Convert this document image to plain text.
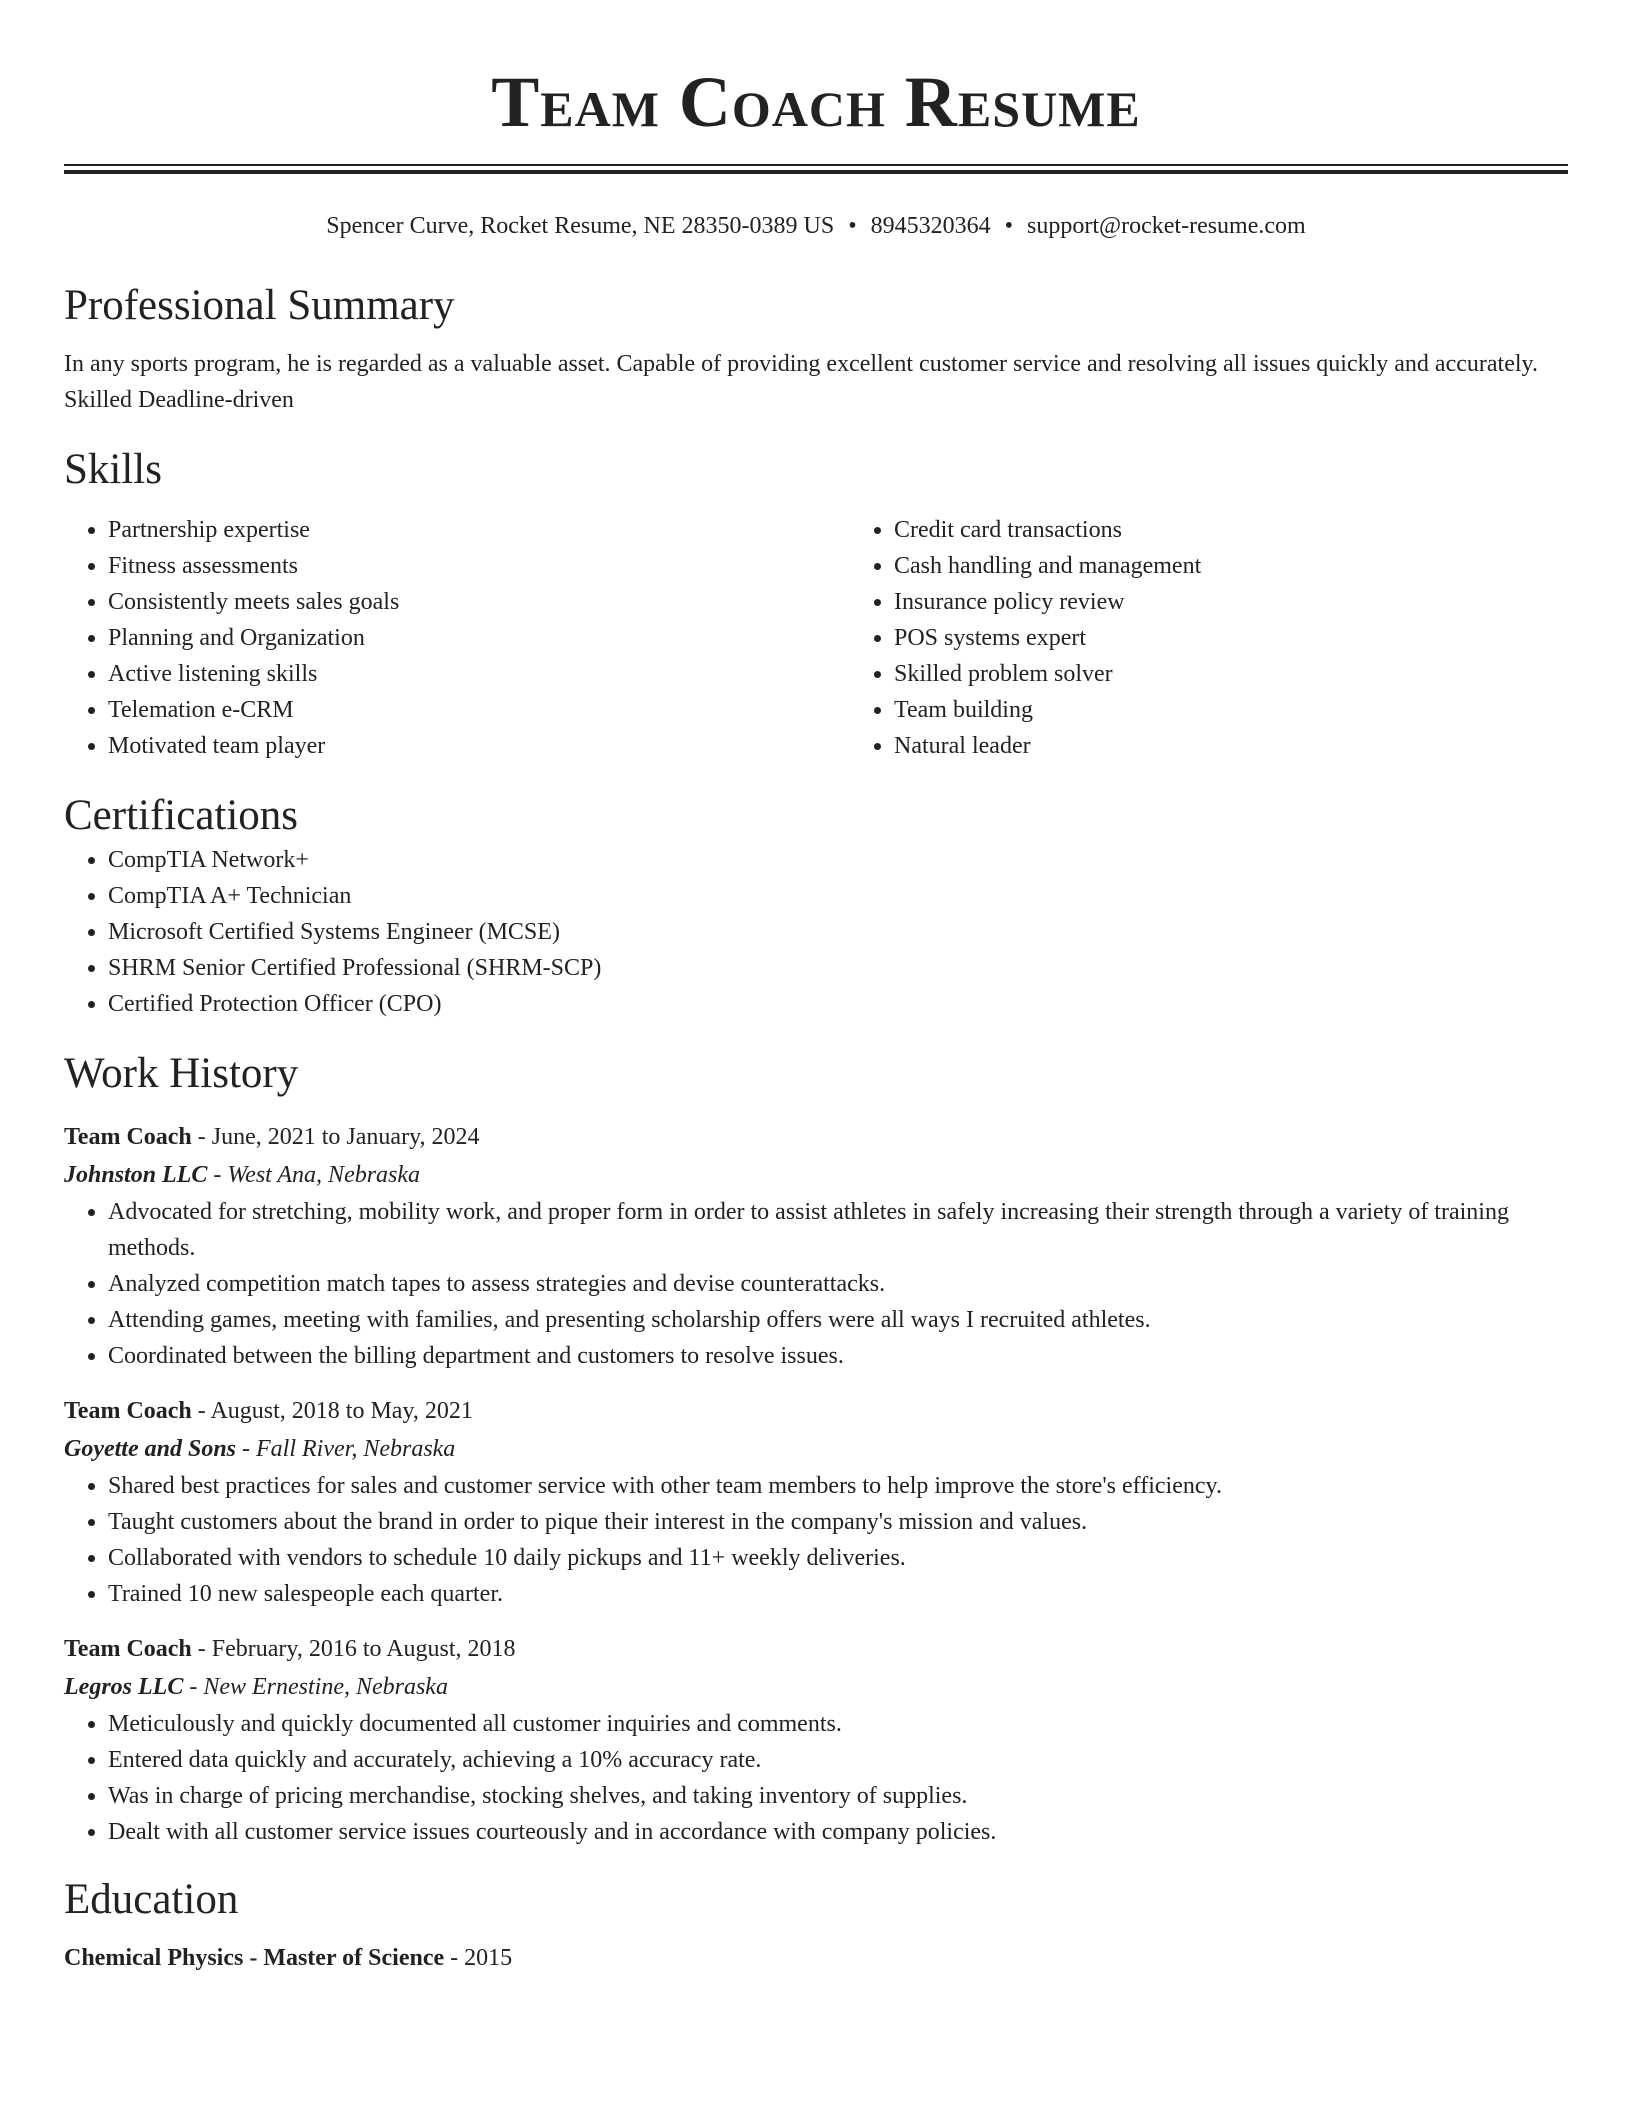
Team Coach Resume
Spencer Curve, Rocket Resume, NE 28350-0389 US • 8945320364 • support@rocket-resume.com
Professional Summary

In any sports program, he is regarded as a valuable asset. Capable of providing excellent customer service and resolving all issues quickly and accurately. Skilled Deadline-driven

Skills
• Partnership expertise
• Fitness assessments
• Consistently meets sales goals
• Planning and Organization
• Active listening skills
• Telemation e-CRM
• Motivated team player
• Credit card transactions
• Cash handling and management
• Insurance policy review
• POS systems expert
• Skilled problem solver
• Team building
• Natural leader
Certifications
• CompTIA Network+
• CompTIA A+ Technician
• Microsoft Certified Systems Engineer (MCSE)
• SHRM Senior Certified Professional (SHRM-SCP)
• Certified Protection Officer (CPO)
Work History
Team Coach - June, 2021 to January, 2024
Johnston LLC - West Ana, Nebraska
• Advocated for stretching, mobility work, and proper form in order to assist athletes in safely increasing their strength through a variety of training methods.
• Analyzed competition match tapes to assess strategies and devise counterattacks.
• Attending games, meeting with families, and presenting scholarship offers were all ways I recruited athletes.
• Coordinated between the billing department and customers to resolve issues.
Team Coach - August, 2018 to May, 2021
Goyette and Sons - Fall River, Nebraska
• Shared best practices for sales and customer service with other team members to help improve the store's efficiency.
• Taught customers about the brand in order to pique their interest in the company's mission and values.
• Collaborated with vendors to schedule 10 daily pickups and 11+ weekly deliveries.
• Trained 10 new salespeople each quarter.
Team Coach - February, 2016 to August, 2018
Legros LLC - New Ernestine, Nebraska
• Meticulously and quickly documented all customer inquiries and comments.
• Entered data quickly and accurately, achieving a 10% accuracy rate.
• Was in charge of pricing merchandise, stocking shelves, and taking inventory of supplies.
• Dealt with all customer service issues courteously and in accordance with company policies.
Education
Chemical Physics - Master of Science - 2015
